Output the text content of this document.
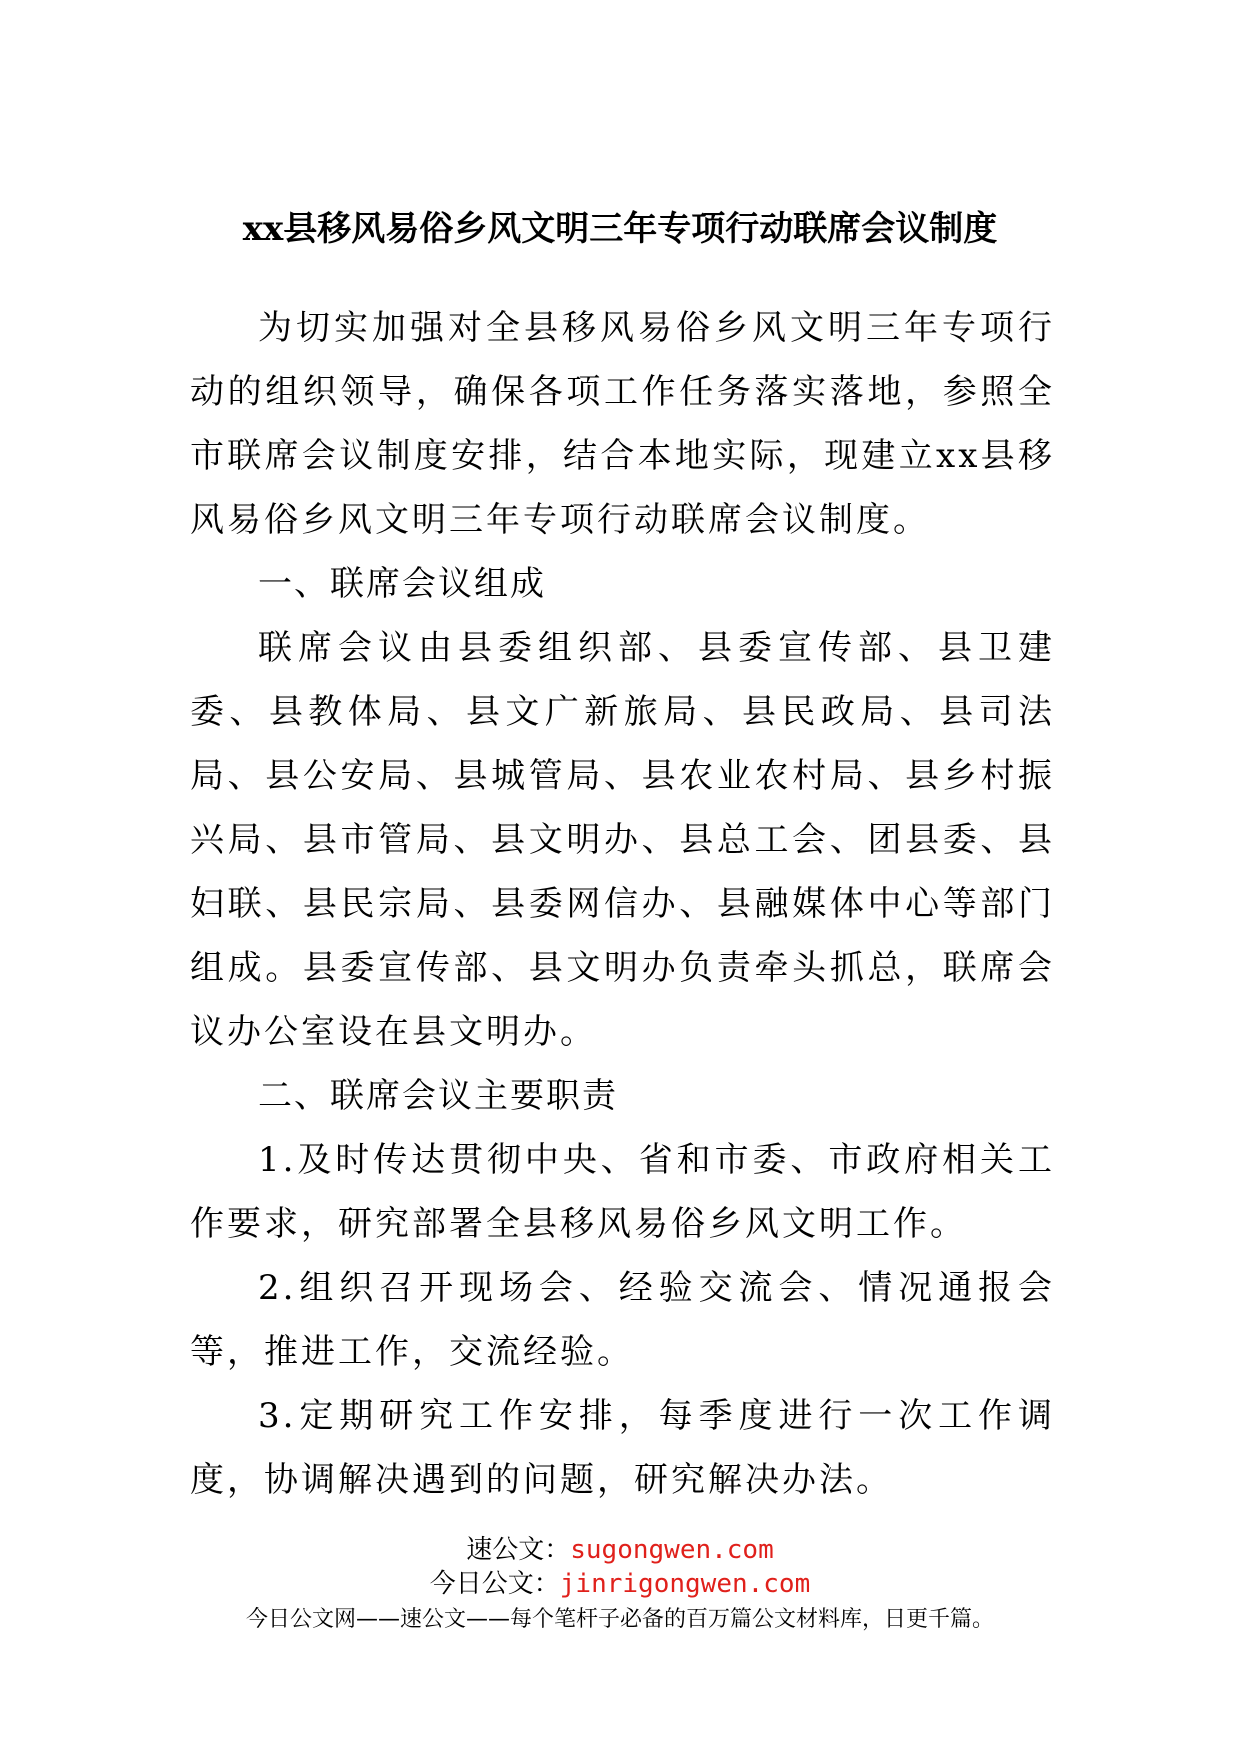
xx县移风易俗乡风文明三年专项行动联席会议制度

为切实加强对全县移风易俗乡风文明三年专项行动的组织领导，确保各项工作任务落实落地，参照全市联席会议制度安排，结合本地实际，现建立xx县移风易俗乡风文明三年专项行动联席会议制度。

一、联席会议组成

联席会议由县委组织部、县委宣传部、县卫建委、县教体局、县文广新旅局、县民政局、县司法局、县公安局、县城管局、县农业农村局、县乡村振兴局、县市管局、县文明办、县总工会、团县委、县妇联、县民宗局、县委网信办、县融媒体中心等部门组成。县委宣传部、县文明办负责牵头抓总，联席会议办公室设在县文明办。

二、联席会议主要职责

1.及时传达贯彻中央、省和市委、市政府相关工作要求，研究部署全县移风易俗乡风文明工作。

2.组织召开现场会、经验交流会、情况通报会等，推进工作，交流经验。

3.定期研究工作安排，每季度进行一次工作调度，协调解决遇到的问题，研究解决办法。

速公文：sugongwen.com
今日公文：jinrigongwen.com
今日公文网——速公文——每个笔杆子必备的百万篇公文材料库，日更千篇。
